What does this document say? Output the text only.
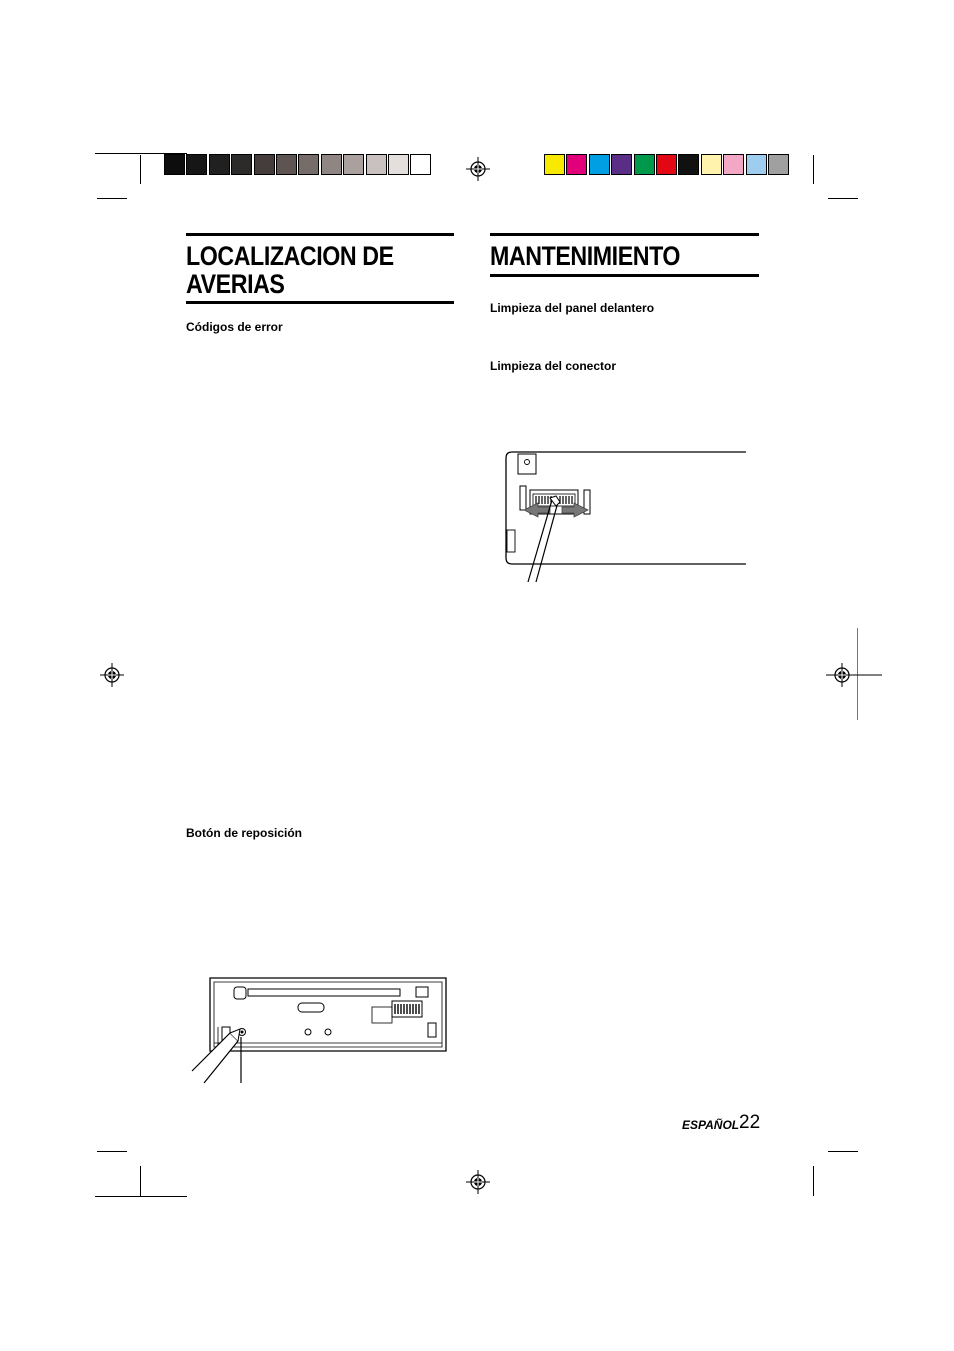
LOCALIZACION DE
AVERIAS
Códigos de error
Botón de reposición
MANTENIMIENTO
Limpieza del panel delantero
Limpieza del conector
ESPAÑOL 22
